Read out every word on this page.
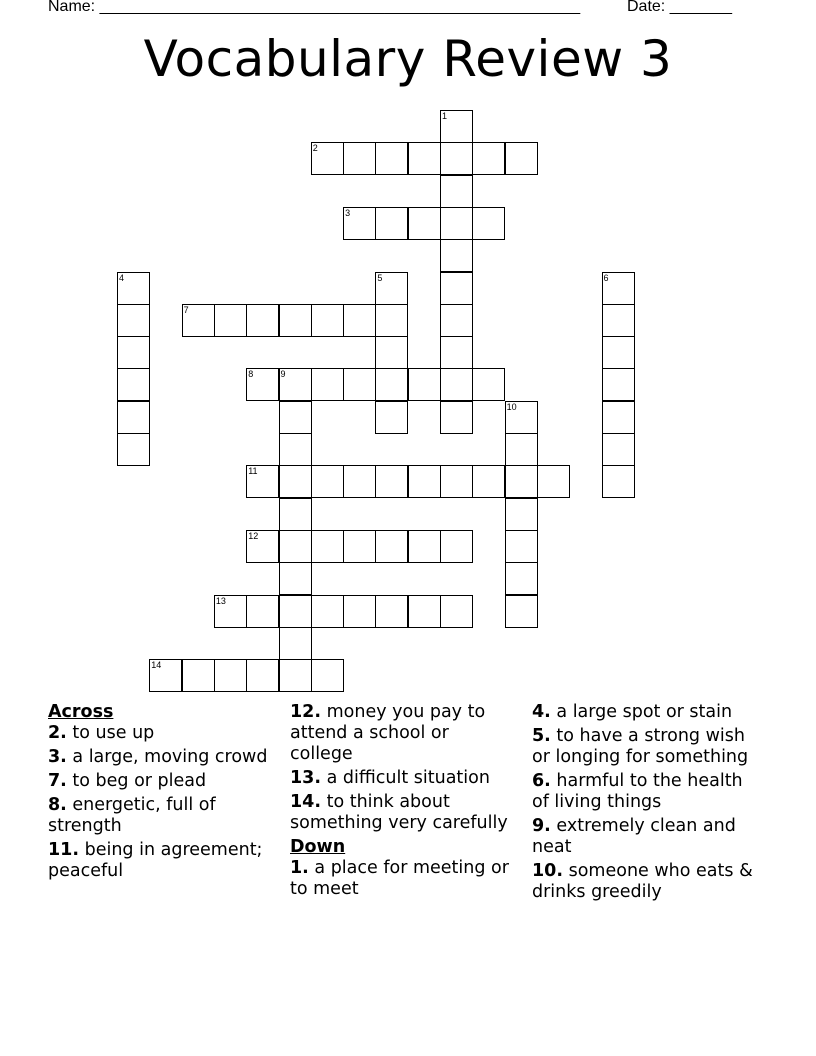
Name: ______________________________________________________	Date: _______
Vocabulary Review 3
1
2
3
4	5	6
7
8	9
10
11
12
13
14
Across
2. to use up
3. a large, moving crowd
7. to beg or plead
8. energetic, full of strength
11. being in agreement; peaceful
12. money you pay to attend a school or college
13. a difficult situation
14. to think about something very carefully
Down
1. a place for meeting or to meet
4. a large spot or stain
5. to have a strong wish or longing for something
6. harmful to the health of living things
9. extremely clean and neat
10. someone who eats & drinks greedily
